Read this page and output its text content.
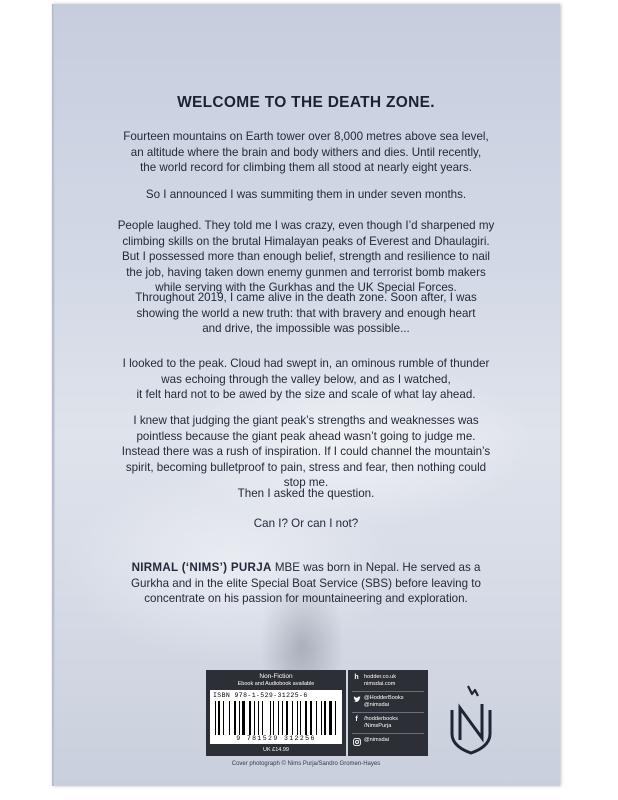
WELCOME TO THE DEATH ZONE.
Fourteen mountains on Earth tower over 8,000 metres above sea level,
an altitude where the brain and body withers and dies. Until recently,
the world record for climbing them all stood at nearly eight years.
So I announced I was summiting them in under seven months.
People laughed. They told me I was crazy, even though I’d sharpened my
climbing skills on the brutal Himalayan peaks of Everest and Dhaulagiri.
But I possessed more than enough belief, strength and resilience to nail
the job, having taken down enemy gunmen and terrorist bomb makers
while serving with the Gurkhas and the UK Special Forces.
Throughout 2019, I came alive in the death zone. Soon after, I was
showing the world a new truth: that with bravery and enough heart
and drive, the impossible was possible...
I looked to the peak. Cloud had swept in, an ominous rumble of thunder
was echoing through the valley below, and as I watched,
it felt hard not to be awed by the size and scale of what lay ahead.
I knew that judging the giant peak’s strengths and weaknesses was
pointless because the giant peak ahead wasn’t going to judge me.
Instead there was a rush of inspiration. If I could channel the mountain’s
spirit, becoming bulletproof to pain, stress and fear, then nothing could
stop me.
Then I asked the question.
Can I? Or can I not?
NIRMAL (‘NIMS’) PURJA MBE was born in Nepal. He served as a
Gurkha and in the elite Special Boat Service (SBS) before leaving to
concentrate on his passion for mountaineering and exploration.
Non-Fiction
Ebook and Audiobook available
ISBN 978-1-529-31225-6
9 781529 312256
UK £14.99
h hodder.co.uk
nimsdai.com
@HodderBooks
@nimsdai
f	/hodderbooks
/NimsPurja
@nimsdai
Cover photograph © Nims Purja/Sandro Gromen-Hayes
